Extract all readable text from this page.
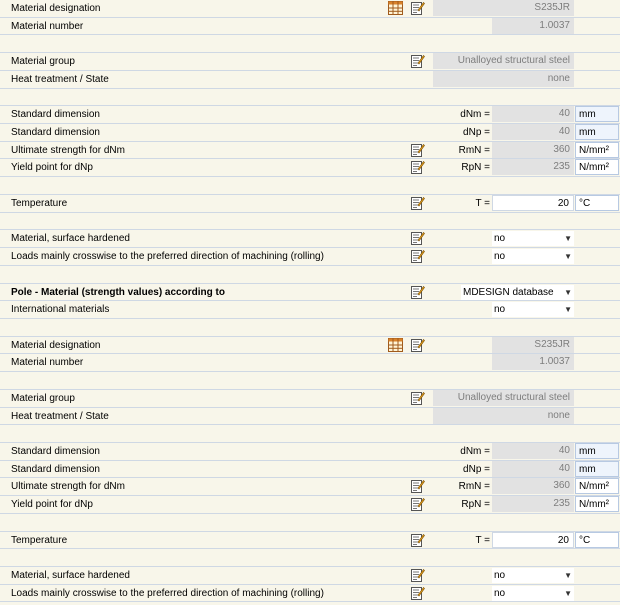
Material designation	S235JR
Material number	1.0037
Material group	Unalloyed structural steel
Heat treatment / State	none
Standard dimension	dNm =	40 mm
Standard dimension	dNp =	40 mm
Ultimate strength for dNm	RmN =	360 N/mm²
Yield point for dNp	RpN =	235 N/mm²
Temperature	T =	20	°C
Material, surface hardened	no	▼
Loads mainly crosswise to the preferred direction of machining (rolling)	no	▼
Pole - Material (strength values) according to	MDESIGN database ▼
International materials	no	▼
Material designation	S235JR
Material number	1.0037
Material group	Unalloyed structural steel
Heat treatment / State	none
Standard dimension	dNm =	40 mm
Standard dimension	dNp =	40 mm
Ultimate strength for dNm	RmN =	360 N/mm²
Yield point for dNp	RpN =	235 N/mm²
Temperature	T =	20	°C
Material, surface hardened	no	▼
Loads mainly crosswise to the preferred direction of machining (rolling)	no	▼
